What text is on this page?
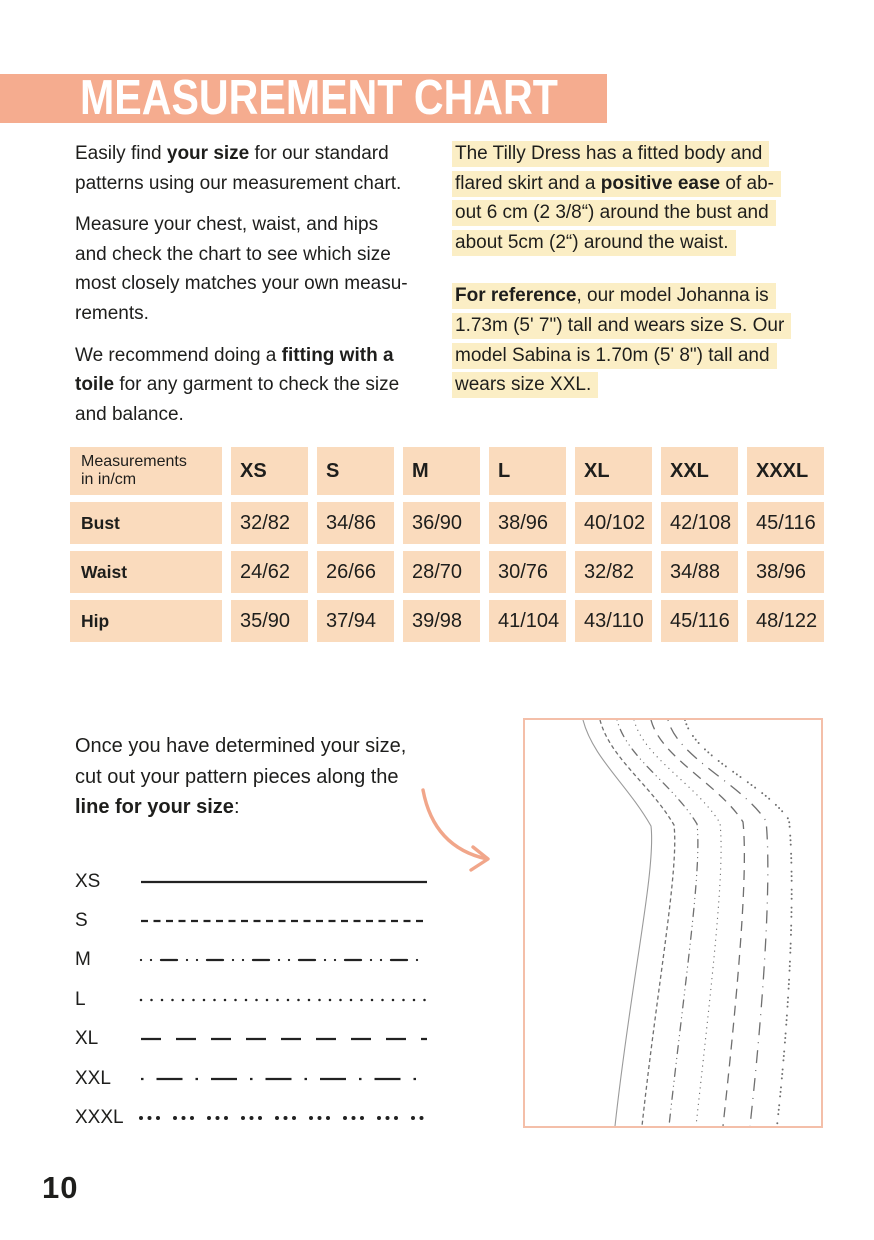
MEASUREMENT CHART
Easily find your size for our standard
patterns using our measurement chart.
Measure your chest, waist, and hips
and check the chart to see which size
most closely matches your own measu-
rements.
We recommend doing a fitting with a
toile for any garment to check the size
and balance.
The Tilly Dress has a fitted body and
flared skirt and a positive ease of ab-
out 6 cm (2 3/8“) around the bust and
about 5cm (2“) around the waist.
For reference, our model Johanna is
1.73m (5' 7") tall and wears size S. Our
model Sabina is 1.70m (5' 8") tall and
wears size XXL.
Measurements
in in/cm	XS	S	M	L	XL	XXL	XXXL
Bust	32/82	34/86	36/90	38/96	40/102	42/108	45/116
Waist	24/62	26/66	28/70	30/76	32/82	34/88	38/96
Hip	35/90	37/94	39/98	41/104	43/110	45/116	48/122
Once you have determined your size,
cut out your pattern pieces along the
line for your size:
XS
S
M
L
XL
XXL
XXXL
10
